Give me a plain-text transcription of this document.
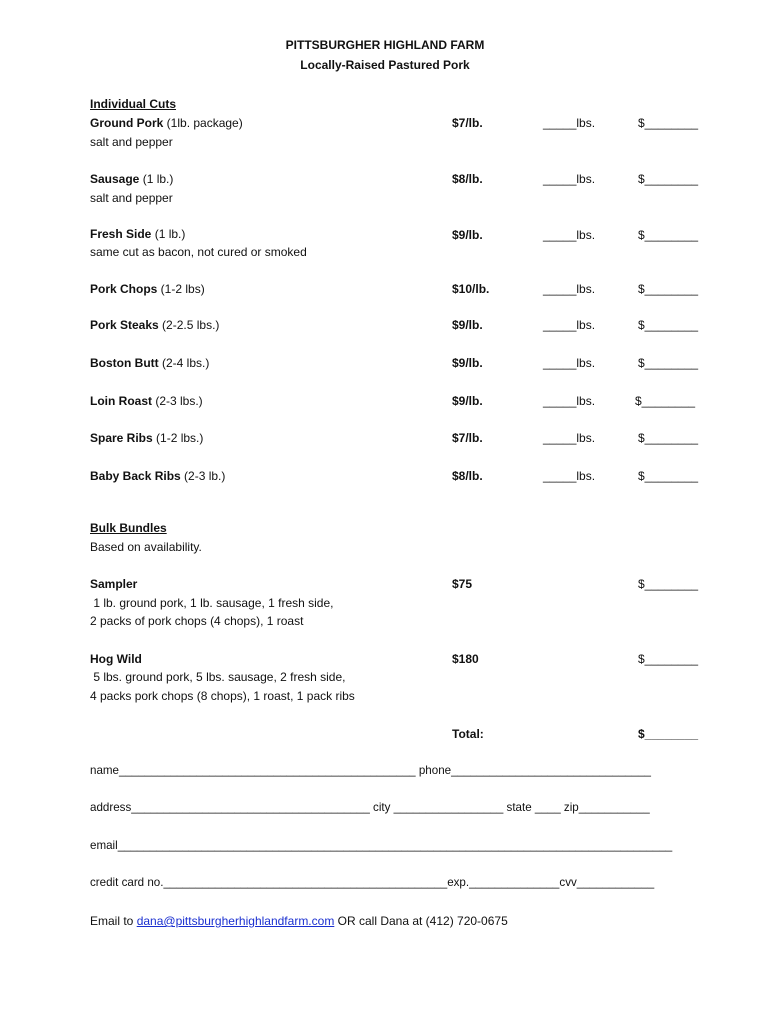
PITTSBURGHER HIGHLAND FARM
Locally-Raised Pastured Pork
Individual Cuts
Ground Pork (1lb. package)
salt and pepper
$7/lb.	_____lbs.	$________
Sausage (1 lb.)
salt and pepper
$8/lb.	_____lbs.	$________
Fresh Side (1 lb.)
same cut as bacon, not cured or smoked
$9/lb.	_____lbs.	$________
Pork Chops (1-2 lbs)	$10/lb.	_____lbs.	$________
Pork Steaks (2-2.5 lbs.)	$9/lb.	_____lbs.	$________
Boston Butt (2-4 lbs.)	$9/lb.	_____lbs.	$________
Loin Roast (2-3 lbs.)	$9/lb.	_____lbs.	$________
Spare Ribs (1-2 lbs.)	$7/lb.	_____lbs.	$________
Baby Back Ribs (2-3 lb.)	$8/lb.	_____lbs.	$________
Bulk Bundles
Based on availability.
Sampler
1 lb. ground pork, 1 lb. sausage, 1 fresh side,
2 packs of pork chops (4 chops), 1 roast
$75	$________
Hog Wild
5 lbs. ground pork, 5 lbs. sausage, 2 fresh side,
4 packs pork chops (8 chops), 1 roast, 1 pack ribs
$180	$________
Total:	$________
name______________________________________________ phone_______________________________
address_____________________________________ city _________________ state ____ zip___________
email______________________________________________________________________________________
credit card no.____________________________________________exp.______________cvv____________
Email to dana@pittsburgherhighlandfarm.com OR call Dana at (412) 720-0675
